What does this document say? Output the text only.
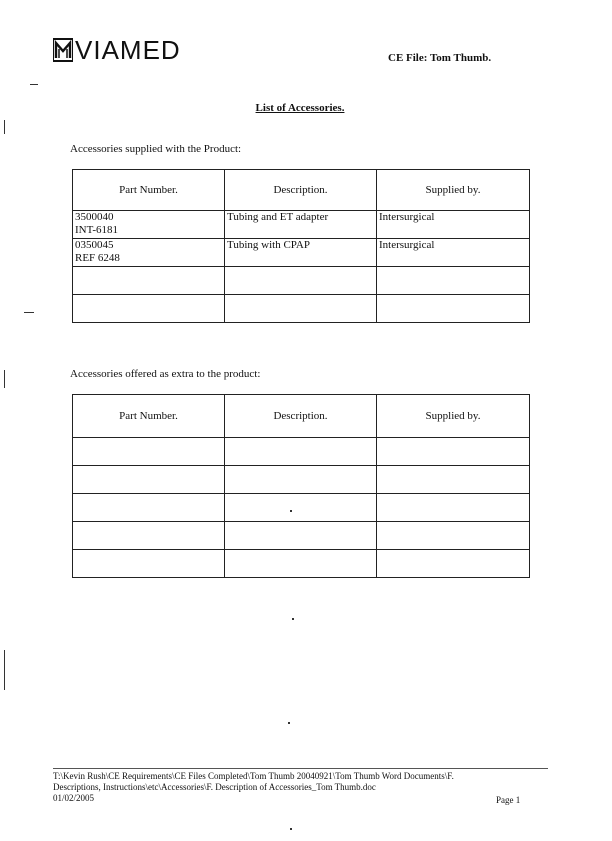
VIAMED	CE File: Tom Thumb.
List of Accessories.
Accessories supplied with the Product:
Part Number.	Description.	Supplied by.

3500040
INT-6181	Tubing and ET adapter	Intersurgical

0350045
REF 6248	Tubing with CPAP	Intersurgical

Accessories offered as extra to the product:
Part Number.	Description.	Supplied by.

T:\Kevin Rush\CE Requirements\CE Files Completed\Tom Thumb 20040921\Tom Thumb Word Documents\F.
Descriptions, Instructions\etc\Accessories\F. Description of Accessories_Tom Thumb.doc
01/02/2005	Page 1
